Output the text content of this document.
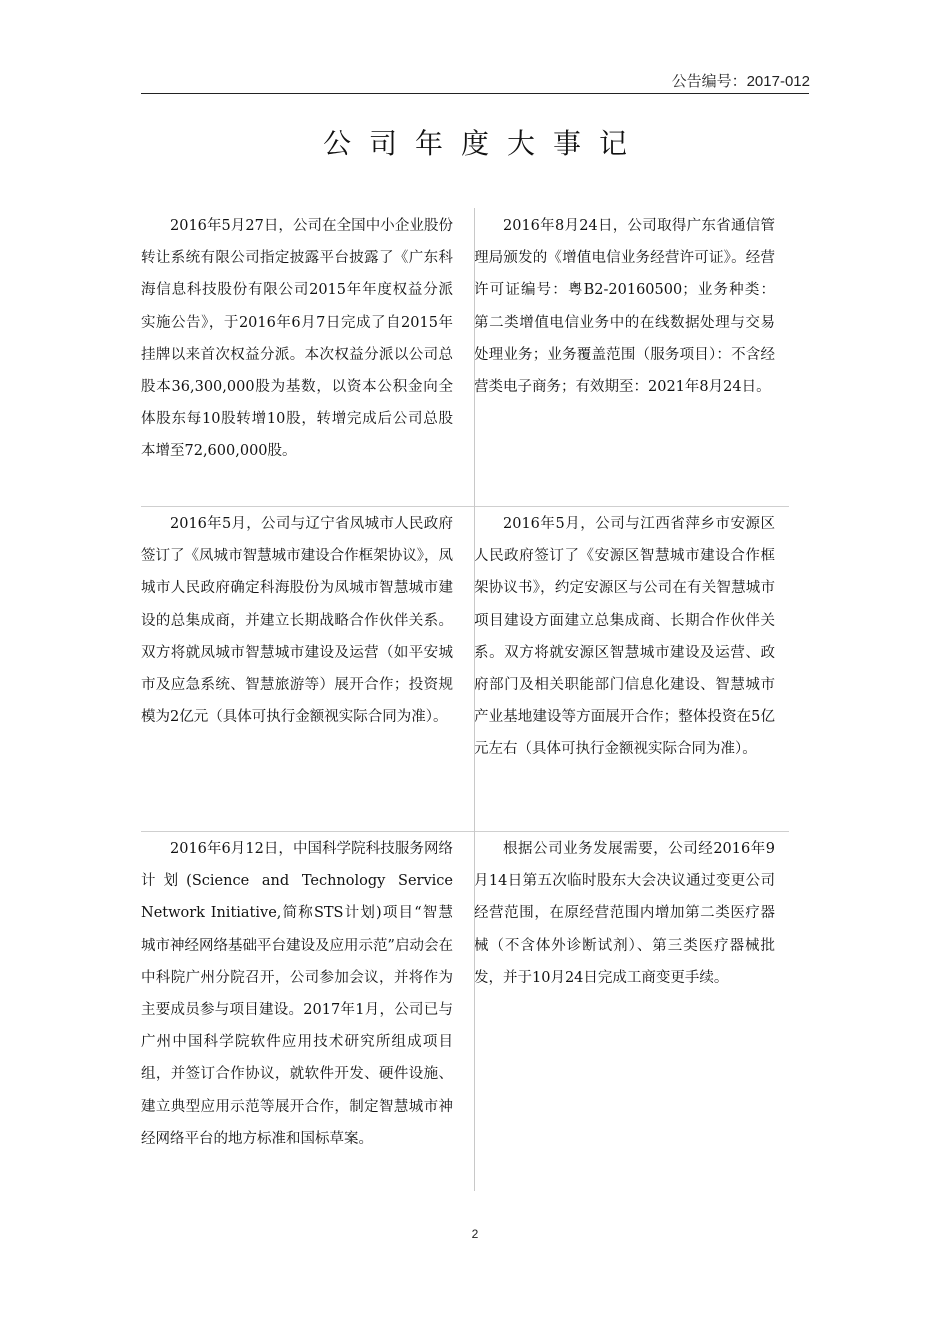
公告编号：2017-012
公司年度大事记
2016年5月27日，公司在全国中小企业股份转让系统有限公司指定披露平台披露了《广东科海信息科技股份有限公司2015年年度权益分派实施公告》，于2016年6月7日完成了自2015年挂牌以来首次权益分派。本次权益分派以公司总股本36,300,000股为基数，以资本公积金向全体股东每10股转增10股，转增完成后公司总股本增至72,600,000股。
2016年8月24日，公司取得广东省通信管理局颁发的《增值电信业务经营许可证》。经营许可证编号：粤B2-20160500；业务种类：第二类增值电信业务中的在线数据处理与交易处理业务；业务覆盖范围（服务项目）：不含经营类电子商务；有效期至：2021年8月24日。
2016年5月，公司与辽宁省凤城市人民政府签订了《凤城市智慧城市建设合作框架协议》，凤城市人民政府确定科海股份为凤城市智慧城市建设的总集成商，并建立长期战略合作伙伴关系。双方将就凤城市智慧城市建设及运营（如平安城市及应急系统、智慧旅游等）展开合作；投资规模为2亿元（具体可执行金额视实际合同为准）。
2016年5月，公司与江西省萍乡市安源区人民政府签订了《安源区智慧城市建设合作框架协议书》，约定安源区与公司在有关智慧城市项目建设方面建立总集成商、长期合作伙伴关系。双方将就安源区智慧城市建设及运营、政府部门及相关职能部门信息化建设、智慧城市产业基地建设等方面展开合作；整体投资在5亿元左右（具体可执行金额视实际合同为准）。
2016年6月12日，中国科学院科技服务网络计划(Science and Technology Service Network Initiative,简称STS计划)项目“智慧城市神经网络基础平台建设及应用示范”启动会在中科院广州分院召开，公司参加会议，并将作为主要成员参与项目建设。2017年1月，公司已与广州中国科学院软件应用技术研究所组成项目组，并签订合作协议，就软件开发、硬件设施、建立典型应用示范等展开合作，制定智慧城市神经网络平台的地方标准和国标草案。
根据公司业务发展需要，公司经2016年9月14日第五次临时股东大会决议通过变更公司经营范围，在原经营范围内增加第二类医疗器械（不含体外诊断试剂）、第三类医疗器械批发，并于10月24日完成工商变更手续。
2
